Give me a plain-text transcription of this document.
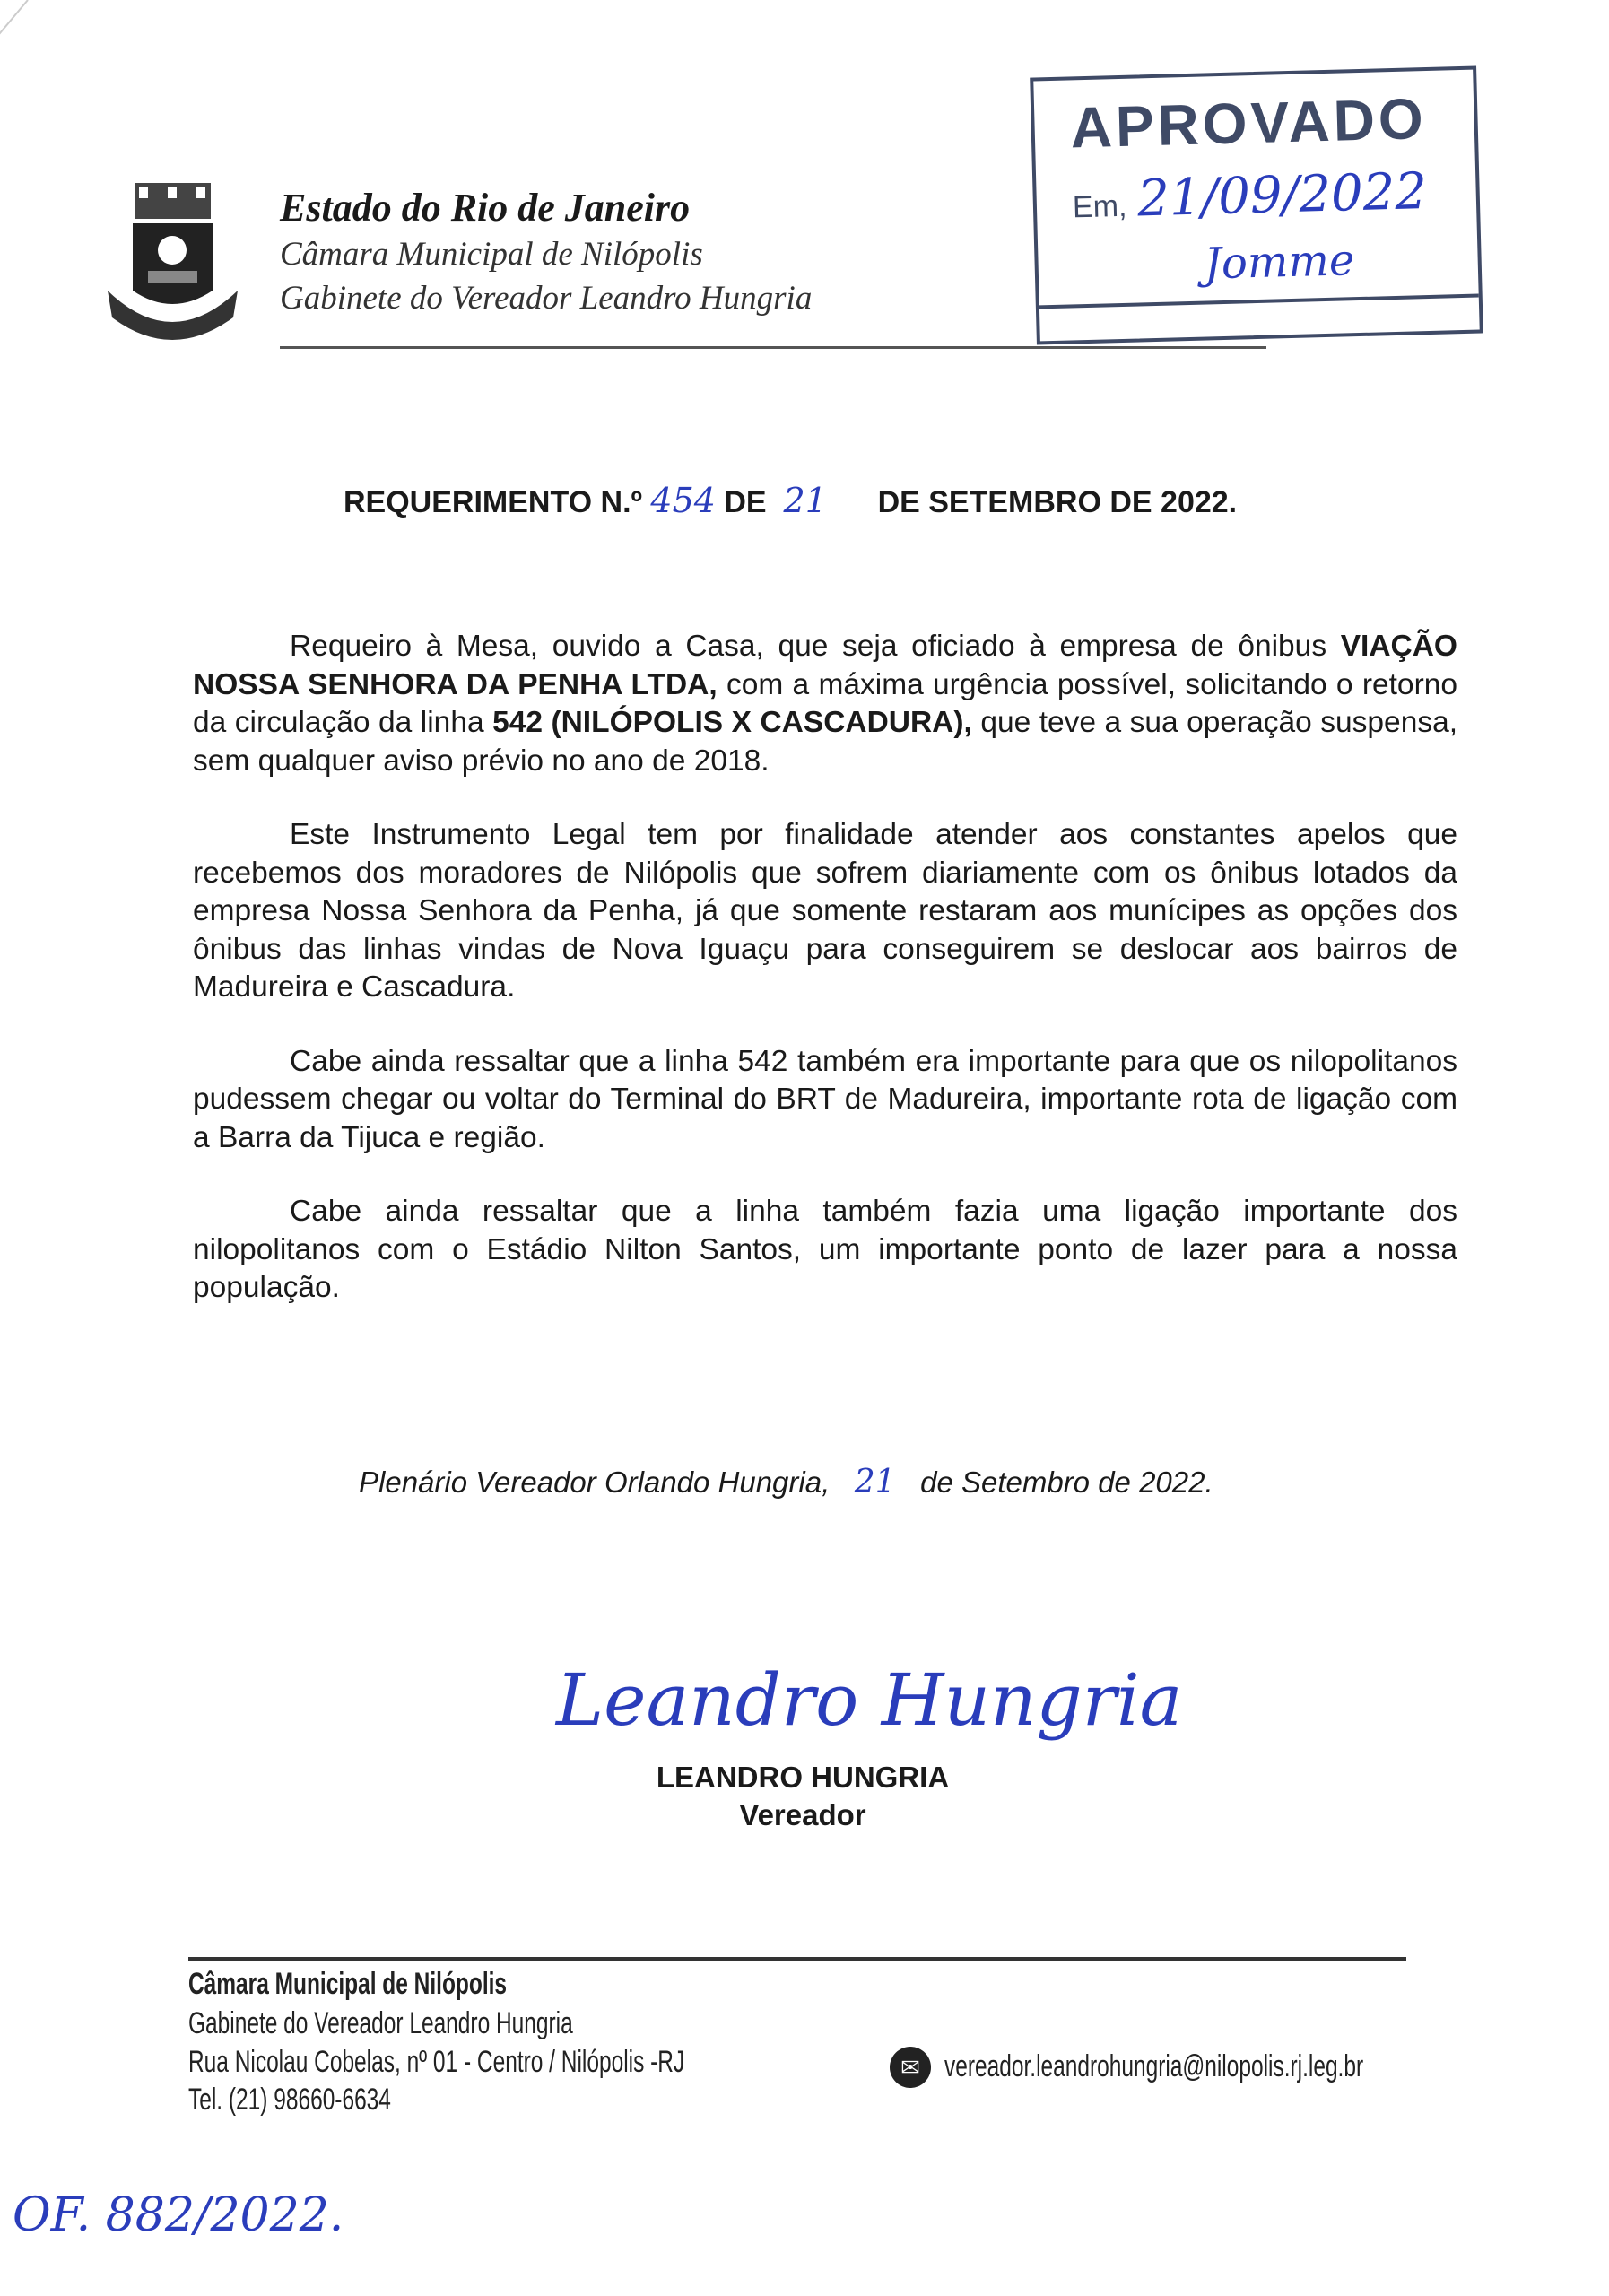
Estado do Rio de Janeiro
Câmara Municipal de Nilópolis
Gabinete do Vereador Leandro Hungria
APROVADO
Em, 21/09/2022
Jomme
REQUERIMENTO N.º 454 DE 21 DE SETEMBRO DE 2022.

Requeiro à Mesa, ouvido a Casa, que seja oficiado à empresa de ônibus VIAÇÃO NOSSA SENHORA DA PENHA LTDA, com a máxima urgência possível, solicitando o retorno da circulação da linha 542 (NILÓPOLIS X CASCADURA), que teve a sua operação suspensa, sem qualquer aviso prévio no ano de 2018.

Este Instrumento Legal tem por finalidade atender aos constantes apelos que recebemos dos moradores de Nilópolis que sofrem diariamente com os ônibus lotados da empresa Nossa Senhora da Penha, já que somente restaram aos munícipes as opções dos ônibus das linhas vindas de Nova Iguaçu para conseguirem se deslocar aos bairros de Madureira e Cascadura.

Cabe ainda ressaltar que a linha 542 também era importante para que os nilopolitanos pudessem chegar ou voltar do Terminal do BRT de Madureira, importante rota de ligação com a Barra da Tijuca e região.

Cabe ainda ressaltar que a linha também fazia uma ligação importante dos nilopolitanos com o Estádio Nilton Santos, um importante ponto de lazer para a nossa população.

Plenário Vereador Orlando Hungria, 21 de Setembro de 2022.
Leandro Hungria
LEANDRO HUNGRIA
Vereador
Câmara Municipal de Nilópolis
Gabinete do Vereador Leandro Hungria
Rua Nicolau Cobelas, nº 01 - Centro / Nilópolis -RJ
Tel. (21) 98660-6634
✉ vereador.leandrohungria@nilopolis.rj.leg.br
OF. 882/2022.
